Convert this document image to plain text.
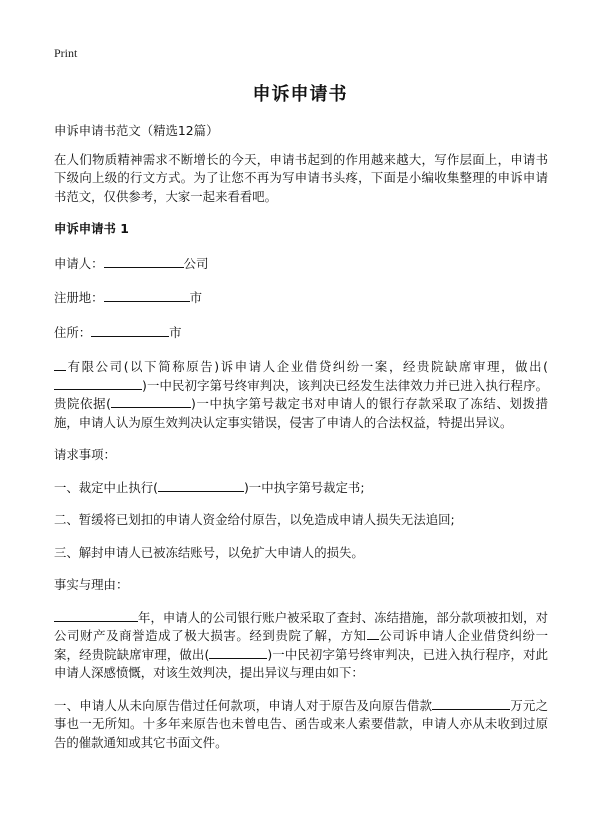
Print
申诉申请书

申诉申请书范文（精选12篇）

在人们物质精神需求不断增长的今天，申请书起到的作用越来越大，写作层面上，申请书下级向上级的行文方式。为了让您不再为写申请书头疼，下面是小编收集整理的申诉申请书范文，仅供参考，大家一起来看看吧。

申诉申请书 1

申请人：	公司

注册地：	市

住所：	市

有限公司(以下简称原告)诉申请人企业借贷纠纷一案，经贵院缺席审理，做出()一中民初字第号终审判决，该判决已经发生法律效力并已进入执行程序。贵院依据(	)一中执字第号裁定书对申请人的银行存款采取了冻结、划拨措施，申请人认为原生效判决认定事实错误，侵害了申请人的合法权益，特提出异议。

请求事项：

一、裁定中止执行(	)一中执字第号裁定书;

二、暂缓将已划扣的申请人资金给付原告，以免造成申请人损失无法追回;

三、解封申请人已被冻结账号，以免扩大申请人的损失。

事实与理由：

年，申请人的公司银行账户被采取了查封、冻结措施，部分款项被扣划，对公司财产及商誉造成了极大损害。经到贵院了解，方知 公司诉申请人企业借贷纠纷一案，经贵院缺席审理，做出(	)一中民初字第号终审判决，已进入执行程序，对此申请人深感愤慨，对该生效判决，提出异议与理由如下：

一、申请人从未向原告借过任何款项，申请人对于原告及向原告借款	万元之事也一无所知。十多年来原告也未曾电告、函告或来人索要借款，申请人亦从未收到过原告的催款通知或其它书面文件。
